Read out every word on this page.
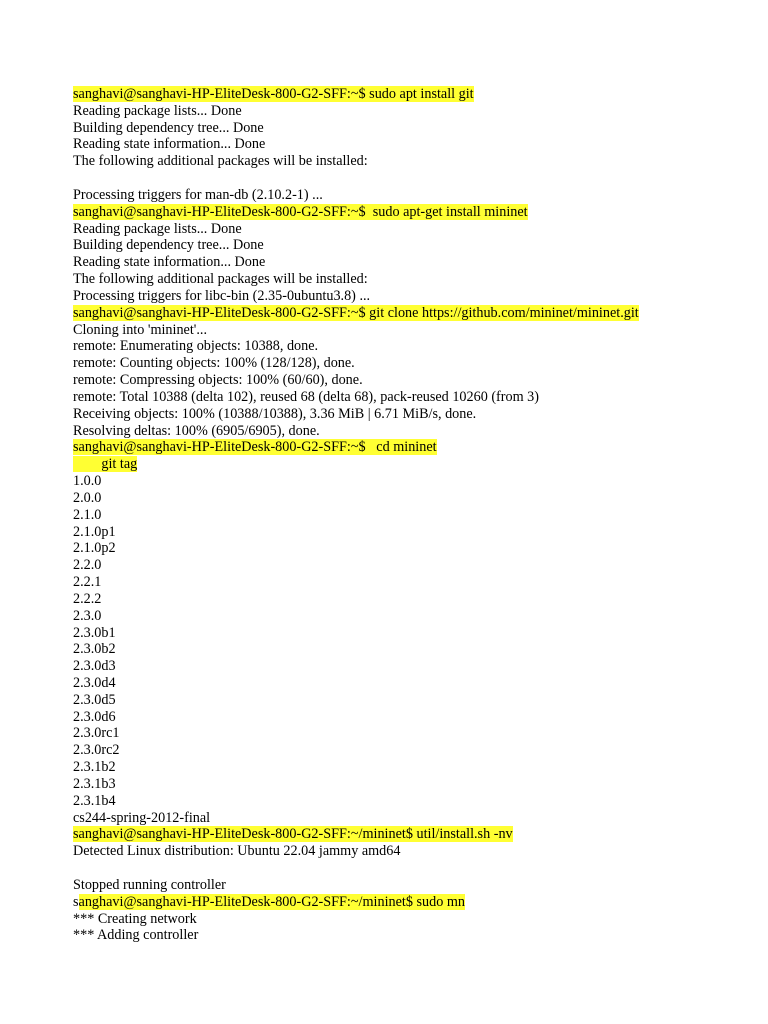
sanghavi@sanghavi-HP-EliteDesk-800-G2-SFF:~$ sudo apt install git
Reading package lists... Done
Building dependency tree... Done
Reading state information... Done
The following additional packages will be installed:
Processing triggers for man-db (2.10.2-1) ...
sanghavi@sanghavi-HP-EliteDesk-800-G2-SFF:~$  sudo apt-get install mininet
Reading package lists... Done
Building dependency tree... Done
Reading state information... Done
The following additional packages will be installed:
Processing triggers for libc-bin (2.35-0ubuntu3.8) ...
sanghavi@sanghavi-HP-EliteDesk-800-G2-SFF:~$ git clone https://github.com/mininet/mininet.git
Cloning into 'mininet'...
remote: Enumerating objects: 10388, done.
remote: Counting objects: 100% (128/128), done.
remote: Compressing objects: 100% (60/60), done.
remote: Total 10388 (delta 102), reused 68 (delta 68), pack-reused 10260 (from 3)
Receiving objects: 100% (10388/10388), 3.36 MiB | 6.71 MiB/s, done.
Resolving deltas: 100% (6905/6905), done.
sanghavi@sanghavi-HP-EliteDesk-800-G2-SFF:~$   cd mininet
git tag
1.0.0
2.0.0
2.1.0
2.1.0p1
2.1.0p2
2.2.0
2.2.1
2.2.2
2.3.0
2.3.0b1
2.3.0b2
2.3.0d3
2.3.0d4
2.3.0d5
2.3.0d6
2.3.0rc1
2.3.0rc2
2.3.1b2
2.3.1b3
2.3.1b4
cs244-spring-2012-final
sanghavi@sanghavi-HP-EliteDesk-800-G2-SFF:~/mininet$ util/install.sh -nv
Detected Linux distribution: Ubuntu 22.04 jammy amd64
Stopped running controller
sanghavi@sanghavi-HP-EliteDesk-800-G2-SFF:~/mininet$ sudo mn
*** Creating network
*** Adding controller
